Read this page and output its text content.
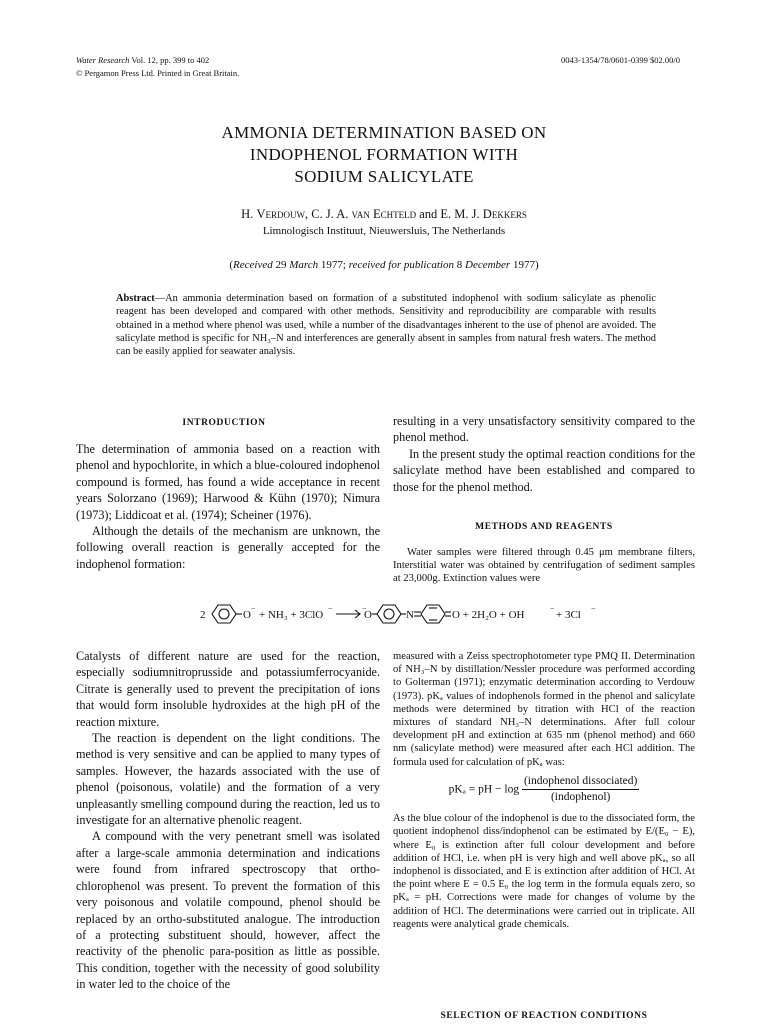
Water Research Vol. 12, pp. 399 to 402
© Pergamon Press Ltd. Printed in Great Britain.
0043-1354/78/0601-0399 $02.00/0
AMMONIA DETERMINATION BASED ON
INDOPHENOL FORMATION WITH
SODIUM SALICYLATE
H. Verdouw, C. J. A. van Echteld and E. M. J. Dekkers
Limnologisch Instituut, Nieuwersluis, The Netherlands
(Received 29 March 1977; received for publication 8 December 1977)
Abstract—An ammonia determination based on formation of a substituted indophenol with sodium salicylate as phenolic reagent has been developed and compared with other methods. Sensitivity and reproducibility are comparable with results obtained in a method where phenol was used, while a number of the disadvantages inherent to the use of phenol are avoided. The salicylate method is specific for NH₃–N and interferences are generally absent in samples from natural fresh waters. The method can be easily applied for seawater analysis.
INTRODUCTION

The determination of ammonia based on a reaction with phenol and hypochlorite, in which a blue-coloured indophenol compound is formed, has found a wide acceptance in recent years Solorzano (1969); Harwood & Kühn (1970); Nimura (1973); Liddicoat et al. (1974); Scheiner (1976).

Although the details of the mechanism are unknown, the following overall reaction is generally accepted for the indophenol formation:

resulting in a very unsatisfactory sensitivity compared to the phenol method.

In the present study the optimal reaction conditions for the salicylate method have been established and compared to those for the phenol method.

METHODS AND REAGENTS

Water samples were filtered through 0.45 μm membrane filters, Interstitial water was obtained by centrifugation of sediment samples at 23,000g. Extinction values were

2	O
−
+ NH₃ + 3ClO
−	−
O	N	O + 2H₂O + OH
−
+ 3Cl
−

Catalysts of different nature are used for the reaction, especially sodiumnitroprusside and potassiumferrocyanide. Citrate is generally used to prevent the precipitation of ions that would form insoluble hydroxides at the high pH of the reaction mixture.

The reaction is dependent on the light conditions. The method is very sensitive and can be applied to many types of samples. However, the hazards associated with the use of phenol (poisonous, volatile) and the formation of a very unpleasantly smelling compound during the reaction, led us to investigate for an alternative phenolic reagent.

A compound with the very penetrant smell was isolated after a large-scale ammonia determination and indications were found from infrared spectroscopy that ortho-chlorophenol was present. To prevent the formation of this very poisonous and volatile compound, phenol should be replaced by an ortho-substituted analogue. The introduction of a protecting substituent should, however, affect the reactivity of the phenolic para-position as little as possible. This condition, together with the necessity of good solubility in water led to the choice of the

measured with a Zeiss spectrophotometer type PMQ II. Determination of NH₃–N by distillation/Nessler procedure was performed according to Golterman (1971); enzymatic determination according to Verdouw (1973). pKₐ values of indophenols formed in the phenol and salicylate methods were determined by titration with HCl of the reaction mixtures of standard NH₃–N determinations. After full colour development pH and extinction at 635 nm (phenol method) and 660 nm (salicylate method) were measured after each HCl addition. The formula used for calculation of pKₐ was:

pKₐ = pH − $\log \frac{\text{(indophenol dissociated)}}{\text{(indophenol)}}$

As the blue colour of the indophenol is due to the dissociated form, the quotient indophenol diss/indophenol can be estimated by E/(E₀ − E), where E₀ is extinction after full colour development and before addition of HCl, i.e. when pH is very high and well above pKₐ, so all indophenol is dissociated, and E is extinction after addition of HCl. At the point where E = 0.5 E₀ the log term in the formula equals zero, so pKₐ = pH. Corrections were made for changes of volume by the addition of HCl. The determinations were carried out in triplicate. All reagents were analytical grade chemicals.

SELECTION OF REACTION CONDITIONS
